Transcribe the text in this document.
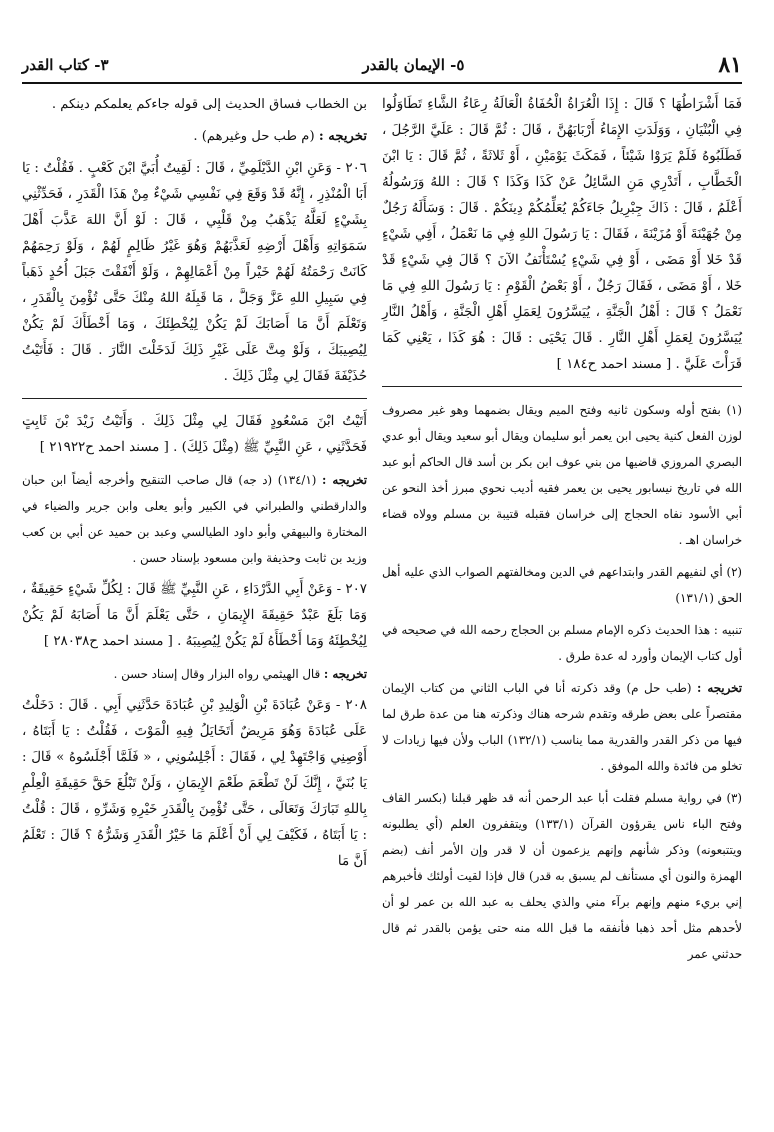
٨١
٥- الإيمان بالقدر
٣- كتاب القدر

فَمَا أَشْرَاطُهَا ؟ قَالَ : إِذَا الْعُرَاةُ الْحُفَاةُ الْعَالَةُ رِعَاءُ الشَّاءِ تَطَاوَلُوا فِي الْبُنْيَانِ ، وَوَلَدَتِ الإِمَاءُ أَرْبَابَهُنَّ ، قَالَ : ثُمَّ قَالَ : عَلَيَّ الرَّجُلَ ، فَطَلَبُوهُ فَلَمْ يَرَوْا شَيْئاً ، فَمَكَثَ يَوْمَيْنِ ، أَوْ ثَلاثَةً ، ثُمَّ قَالَ : يَا ابْنَ الْخَطَّابِ ، أَتَدْرِي مَنِ السَّائِلُ عَنْ كَذَا وَكَذَا ؟ قَالَ : اللهُ وَرَسُولُهُ أَعْلَمُ ، قَالَ : ذَاكَ جِبْرِيلُ جَاءَكُمْ يُعَلِّمُكُمْ دِينَكُمْ . قَالَ : وَسَأَلَهُ رَجُلٌ مِنْ جُهَيْنَةَ أَوْ مُزَيْنَةَ ، فَقَالَ : يَا رَسُولَ اللهِ فِي مَا نَعْمَلُ ، أَفِي شَيْءٍ قَدْ خَلا أَوْ مَضَى ، أَوْ فِي شَيْءٍ يُسْتَأْنَفُ الآنَ ؟ قَالَ فِي شَيْءٍ قَدْ خَلا ، أَوْ مَضَى ، فَقَالَ رَجُلٌ ، أَوْ بَعْضُ الْقَوْمِ : يَا رَسُولَ اللهِ فِي مَا نَعْمَلُ ؟ قَالَ : أَهْلُ الْجَنَّةِ ، يُيَسَّرُونَ لِعَمَلِ أَهْلِ الْجَنَّةِ ، وَأَهْلُ النَّارِ يُيَسَّرُونَ لِعَمَلِ أَهْلِ النَّارِ . قَالَ يَحْيَى : قَالَ : هُوَ كَذَا ، يَعْنِي كَمَا قَرَأْتَ عَلَيَّ . [ مسند احمد ح١٨٤ ]

(١) بفتح أوله وسكون ثانيه وفتح الميم ويقال بضمهما وهو غير مصروف لوزن الفعل كنية يحيى ابن يعمر أبو سليمان ويقال أبو سعيد ويقال أبو عدي البصري المروزي قاضيها من بني عوف ابن بكر بن أسد قال الحاكم أبو عبد الله في تاريخ نيسابور يحيى بن يعمر فقيه أديب نحوي مبرز أخذ النحو عن أبي الأسود نفاه الحجاج إلى خراسان فقبله قتيبة بن مسلم وولاه قضاء خراسان اهـ .

(٢) أي لنفيهم القدر وابتداعهم في الدين ومخالفتهم الصواب الذي عليه أهل الحق (١٣١/١)

تنبيه : هذا الحديث ذكره الإمام مسلم بن الحجاج رحمه الله في صحيحه في أول كتاب الإيمان وأورد له عدة طرق .

تخريجه : (طب حل م) وقد ذكرته أنا في الباب الثاني من كتاب الإيمان مقتصراً على بعض طرقه وتقدم شرحه هناك وذكرته هنا من عدة طرق لما فيها من ذكر القدر والقدرية مما يناسب (١٣٢/١) الباب ولأن فيها زيادات لا تخلو من فائدة والله الموفق .

(٣) في رواية مسلم فقلت أبا عبد الرحمن أنه قد ظهر قبلنا (بكسر القاف وفتح الباء ناس يقرؤون القرآن (١٣٣/١) ويتقفرون العلم (أي يطلبونه ويتتبعونه) وذكر شأنهم وإنهم يزعمون أن لا قدر وإن الأمر أنف (بضم الهمزة والنون أي مستأنف لم يسبق به قدر) قال فإذا لقيت أولئك فأخبرهم إني بريء منهم وإنهم برآء مني والذي يحلف به عبد الله بن عمر لو أن لأحدهم مثل أحد ذهبا فأنفقه ما قبل الله منه حتى يؤمن بالقدر ثم قال حدثني عمر

بن الخطاب فساق الحديث إلى قوله جاءكم يعلمكم دينكم .

تخريجه : (م طب حل وغيرهم) .

٢٠٦ - وَعَنِ ابْنِ الدَّيْلَمِيِّ ، قَالَ : لَقِيتُ أُبَيَّ ابْنَ كَعْبٍ . فَقُلْتُ : يَا أَبَا الْمُنْذِرِ ، إِنَّهُ قَدْ وَقَعَ فِي نَفْسِي شَيْءٌ مِنْ هَذَا الْقَدَرِ ، فَحَدِّثْنِي بِشَيْءٍ لَعَلَّهُ يَذْهَبُ مِنْ قَلْبِي ، قَالَ : لَوْ أَنَّ اللهَ عَذَّبَ أَهْلَ سَمَوَاتِهِ وَأَهْلَ أَرْضِهِ لَعَذَّبَهُمْ وَهُوَ غَيْرُ ظَالِمٍ لَهُمْ ، وَلَوْ رَحِمَهُمْ كَانَتْ رَحْمَتُهُ لَهُمْ خَيْراً مِنْ أَعْمَالِهِمْ ، وَلَوْ أَنْفَقْتَ جَبَلَ أُحُدٍ ذَهَباً فِي سَبِيلِ اللهِ عَزَّ وَجَلَّ ، مَا قَبِلَهُ اللهُ مِنْكَ حَتَّى تُؤْمِنَ بِالْقَدَرِ ، وَتَعْلَمَ أَنَّ مَا أَصَابَكَ لَمْ يَكُنْ لِيُخْطِئَكَ ، وَمَا أَخْطَأَكَ لَمْ يَكُنْ لِيُصِيبَكَ ، وَلَوْ مِتَّ عَلَى غَيْرِ ذَلِكَ لَدَخَلْتَ النَّارَ . قَالَ : فَأَتَيْتُ حُذَيْفَةَ فَقَالَ لِي مِثْلَ ذَلِكَ .

أَتَيْتُ ابْنَ مَسْعُودٍ فَقَالَ لِي مِثْلَ ذَلِكَ . وَأَتَيْتُ زَيْدَ بْنَ ثَابِتٍ فَحَدَّثَنِي ، عَنِ النَّبِيِّ ﷺ (مِثْلَ ذَلِكَ) . [ مسند احمد ح٢١٩٢٢ ]

تخريجه : (١٣٤/١) (د جه) قال صاحب التنقيح وأخرجه أيضاً ابن حبان والدارقطني والطبراني في الكبير وأبو يعلى وابن جرير والضياء في المختارة والبيهقي وأبو داود الطيالسي وعبد بن حميد عن أبي بن كعب وزيد بن ثابت وحذيفة وابن مسعود بإسناد حسن .

٢٠٧ - وَعَنْ أَبِي الدَّرْدَاءِ ، عَنِ النَّبِيِّ ﷺ قَالَ : لِكُلِّ شَيْءٍ حَقِيقَةٌ ، وَمَا بَلَغَ عَبْدٌ حَقِيقَةَ الإِيمَانِ ، حَتَّى يَعْلَمَ أَنَّ مَا أَصَابَهُ لَمْ يَكُنْ لِيُخْطِئَهُ وَمَا أَخْطَأَهُ لَمْ يَكُنْ لِيُصِيبَهُ . [ مسند احمد ح٢٨٠٣٨ ]

تخريجه : قال الهيثمي رواه البزار وقال إسناد حسن .

٢٠٨ - وَعَنْ عُبَادَةَ بْنِ الْوَلِيدِ بْنِ عُبَادَةَ حَدَّثَنِي أَبِي . قَالَ : دَخَلْتُ عَلَى عُبَادَةَ وَهُوَ مَرِيضٌ أَتَخَايَلُ فِيهِ الْمَوْتَ ، فَقُلْتُ : يَا أَبَتَاهُ ، أَوْصِنِي وَاجْتَهِدْ لِي ، فَقَالَ : أَجْلِسُونِي ، « فَلَمَّا أَجْلَسُوهُ » قَالَ : يَا بُنَيَّ ، إِنَّكَ لَنْ تَطْعَمَ طَعْمَ الإِيمَانِ ، وَلَنْ تَبْلُغَ حَقَّ حَقِيقَةِ الْعِلْمِ بِاللهِ تَبَارَكَ وَتَعَالَى ، حَتَّى تُؤْمِنَ بِالْقَدَرِ خَيْرِهِ وَشَرِّهِ ، قَالَ : قُلْتُ : يَا أَبَتَاهُ ، فَكَيْفَ لِي أَنْ أَعْلَمَ مَا خَيْرُ الْقَدَرِ وَشَرُّهُ ؟ قَالَ : تَعْلَمُ أَنَّ مَا
